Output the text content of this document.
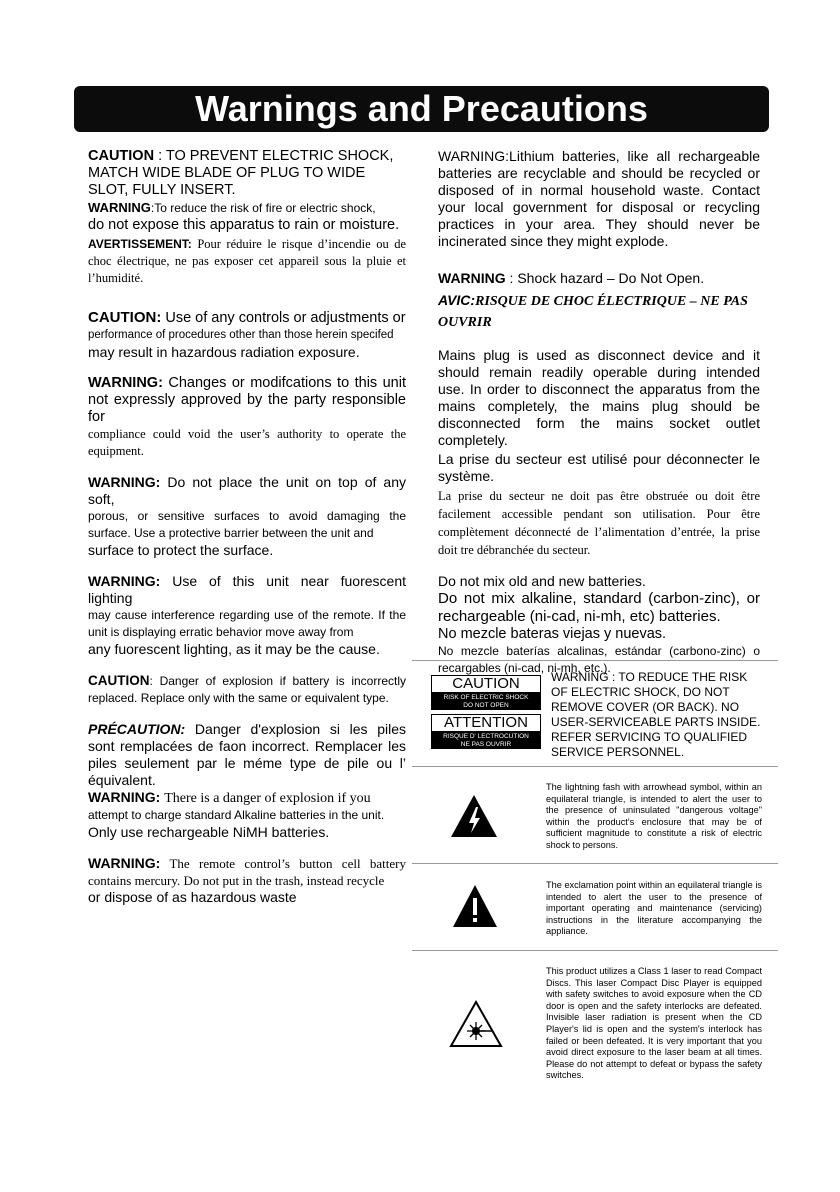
Warnings and Precautions
CAUTION : TO PREVENT ELECTRIC SHOCK, MATCH WIDE BLADE OF PLUG TO WIDE SLOT, FULLY INSERT.
WARNING:To reduce the risk of fire or electric shock,
do not expose this apparatus to rain or moisture.
AVERTISSEMENT: Pour réduire le risque d’incendie ou de choc électrique, ne pas exposer cet appareil sous la pluie et l’humidité.
CAUTION: Use of any controls or adjustments or
performance of procedures other than those herein specifed
may result in hazardous radiation exposure.
WARNING: Changes or modifcations to this unit not expressly approved by the party responsible for
compliance could void the user’s authority to operate the equipment.
WARNING: Do not place the unit on top of any soft,
porous, or sensitive surfaces to avoid damaging the surface. Use a protective barrier between the unit and
surface to protect the surface.
WARNING: Use of this unit near fuorescent lighting
may cause interference regarding use of the remote. If the unit is displaying erratic behavior move away from
any fuorescent lighting, as it may be the cause.
CAUTION: Danger of explosion if battery is incorrectly replaced. Replace only with the same or equivalent type.
PRÉCAUTION: Danger d'explosion si les piles sont remplacées de faon incorrect. Remplacer les piles seulement par le méme type de pile ou l’ équivalent.
WARNING: There is a danger of explosion if you
attempt to charge standard Alkaline batteries in the unit.
Only use rechargeable NiMH batteries.
WARNING: The remote control’s button cell battery contains mercury. Do not put in the trash, instead recycle
or dispose of as hazardous waste
WARNING:Lithium batteries, like all rechargeable batteries are recyclable and should be recycled or disposed of in normal household waste. Contact your local government for disposal or recycling practices in your area. They should never be incinerated since they might explode.
WARNING : Shock hazard – Do Not Open.
AVIC:RISQUE DE CHOC ÉLECTRIQUE – NE PAS OUVRIR
Mains plug is used as disconnect device and it should remain readily operable during intended use. In order to disconnect the apparatus from the mains completely, the mains plug should be disconnected form the mains socket outlet completely.
La prise du secteur est utilisé pour déconnecter le système.
La prise du secteur ne doit pas être obstruée ou doit être facilement accessible pendant son utilisation. Pour être complètement déconnecté de l’alimentation d’entrée, la prise doit tre débranchée du secteur.
Do not mix old and new batteries.
Do not mix alkaline, standard (carbon-zinc), or rechargeable (ni-cad, ni-mh, etc) batteries.
No mezcle bateras viejas y nuevas.
No mezcle baterías alcalinas, estándar (carbono-zinc) o recargables (ni-cad, ni-mh, etc.).
CAUTION
RISK OF ELECTRIC SHOCK
DO NOT OPEN
ATTENTION
RISQUE D' LECTROCUTION
NE PAS OUVRIR
WARNING : TO REDUCE THE RISK OF ELECTRIC SHOCK, DO NOT REMOVE COVER (OR BACK). NO USER-SERVICEABLE PARTS INSIDE. REFER SERVICING TO QUALIFIED SERVICE PERSONNEL.
The lightning fash with arrowhead symbol, within an equilateral triangle, is intended to alert the user to the presence of uninsulated "dangerous voltage" within the product's enclosure that may be of sufficient magnitude to constitute a risk of electric shock to persons.
The exclamation point within an equilateral triangle is intended to alert the user to the presence of important operating and maintenance (servicing) instructions in the literature accompanying the appliance.
This product utilizes a Class 1 laser to read Compact Discs. This laser Compact Disc Player is equipped with safety switches to avoid exposure when the CD door is open and the safety interlocks are defeated. Invisible laser radiation is present when the CD Player's lid is open and the system's interlock has failed or been defeated. It is very important that you avoid direct exposure to the laser beam at all times. Please do not attempt to defeat or bypass the safety switches.
